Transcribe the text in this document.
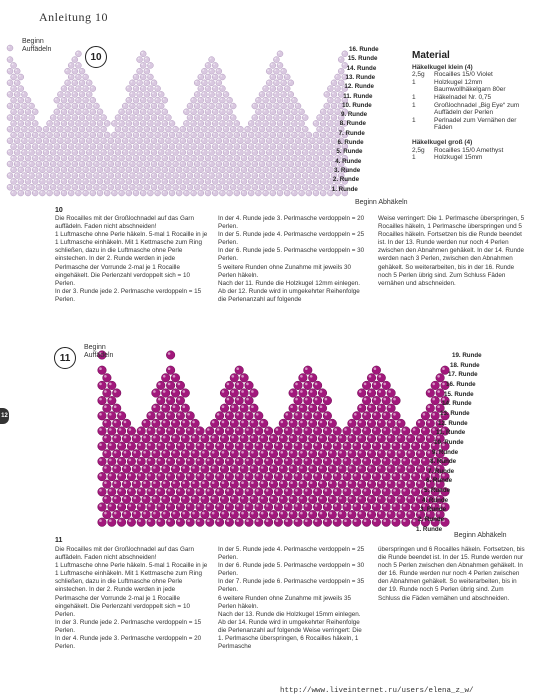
Anleitung 10
12
Beginn
Auffädeln
10
16. Runde
15. Runde
14. Runde
13. Runde
12. Runde
11. Runde
10. Runde
9. Runde
8. Runde
7. Runde
6. Runde
5. Runde
4. Runde
3. Runde
2. Runde
1. Runde
Beginn Abhäkeln
Material
Häkelkugel klein (4)
2,5g	Rocailles 15/0 Violet
1	Holzkugel 12mm
Baumwollhäkelgarn 80er
1	Häkelnadel Nr. 0,75
1	Großlochnadel „Big Eye“ zum Auffädeln der Perlen
1	Perlnadel zum Vernähen der Fäden
Häkelkugel groß (4)
2,5g	Rocailles 15/0 Amethyst
1	Holzkugel 15mm
10

Die Rocailles mit der Großlochnadel auf das Garn auffädeln. Faden nicht abschneiden!

1 Luftmasche ohne Perle häkeln. 5-mal 1 Rocaille in je 1 Luftmasche einhäkeln. Mit 1 Kettmasche zum Ring schließen, dazu in die Luftmasche ohne Perle einstechen. In der 2. Runde werden in jede Perlmasche der Vorrunde 2-mal je 1 Rocaille eingehäkelt. Die Perlenzahl verdoppelt sich = 10 Perlen.

In der 3. Runde jede 2. Perlmasche verdoppeln = 15 Perlen.

In der 4. Runde jede 3. Perlmasche verdoppeln = 20 Perlen.

In der 5. Runde jede 4. Perlmasche verdoppeln = 25 Perlen.

In der 6. Runde jede 5. Perlmasche verdoppeln = 30 Perlen.

5 weitere Runden ohne Zunahme mit jeweils 30 Perlen häkeln.

Nach der 11. Runde die Holzkugel 12mm einlegen. Ab der 12. Runde wird in umgekehrter Reihenfolge die Perlenanzahl auf folgende

Weise verringert: Die 1. Perlmasche überspringen, 5 Rocailles häkeln, 1 Perlmasche überspringen und 5 Rocailles häkeln. Fortsetzen bis die Runde beendet ist. In der 13. Runde werden nur noch 4 Perlen zwischen den Abnahmen gehäkelt. In der 14. Runde werden nach 3 Perlen, zwischen den Abnahmen gehäkelt. So weiterarbeiten, bis in der 16. Runde noch 5 Perlen übrig sind. Zum Schluss Fäden vernähen und abschneiden.

Beginn
Auffädeln
11	19. Runde
18. Runde
17. Runde
16. Runde
15. Runde
14. Runde
13. Runde
12. Runde
11. Runde
10. Runde
9. Runde
8. Runde
7. Runde
6. Runde
5. Runde
4. Runde
3. Runde
2. Runde
1. Runde
Beginn Abhäkeln
11

Die Rocailles mit der Großlochnadel auf das Garn auffädeln. Faden nicht abschneiden!

1 Luftmasche ohne Perle häkeln. 5-mal 1 Rocaille in je 1 Luftmasche einhäkeln. Mit 1 Kettmasche zum Ring schließen, dazu in die Luftmasche ohne Perle einstechen. In der 2. Runde werden in jede Perlmasche der Vorrunde 2-mal je 1 Rocaille eingehäkelt. Die Perlenzahl verdoppelt sich = 10 Perlen.

In der 3. Runde jede 2. Perlmasche verdoppeln = 15 Perlen.

In der 4. Runde jede 3. Perlmasche verdoppeln = 20 Perlen.

In der 5. Runde jede 4. Perlmasche verdoppeln = 25 Perlen.

In der 6. Runde jede 5. Perlmasche verdoppeln = 30 Perlen.

In der 7. Runde jede 6. Perlmasche verdoppeln = 35 Perlen.

6 weitere Runden ohne Zunahme mit jeweils 35 Perlen häkeln.

Nach der 13. Runde die Holzkugel 15mm einlegen. Ab der 14. Runde wird in umgekehrter Reihenfolge die Perlenanzahl auf folgende Weise verringert: Die 1. Perlmasche überspringen, 6 Rocailles häkeln, 1 Perlmasche

überspringen und 6 Rocailles häkeln. Fortsetzen, bis die Runde beendet ist. In der 15. Runde werden nur noch 5 Perlen zwischen den Abnahmen gehäkelt. In der 16. Runde werden nur noch 4 Perlen zwischen den Abnahmen gehäkelt. So weiterarbeiten, bis in der 19. Runde noch 5 Perlen übrig sind. Zum Schluss die Fäden vernähen und abschneiden.

http://www.liveinternet.ru/users/elena_z_w/
